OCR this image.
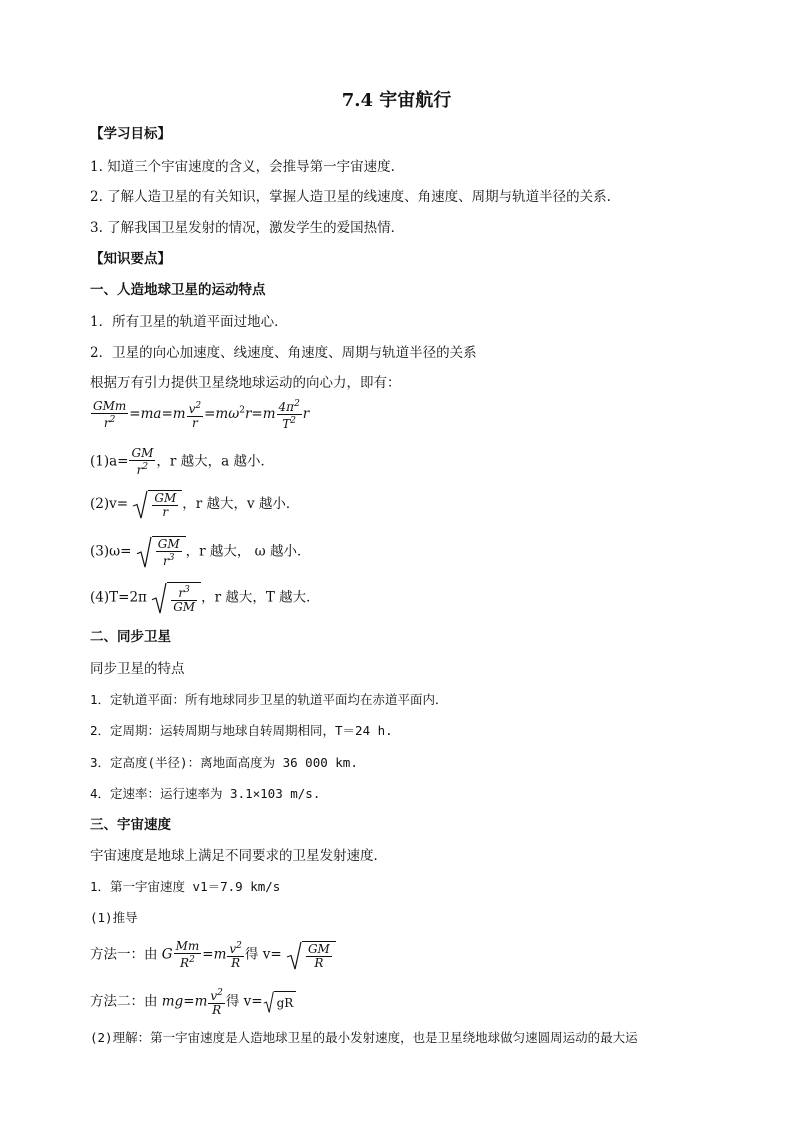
7.4 宇宙航行
【学习目标】
1. 知道三个宇宙速度的含义，会推导第一宇宙速度.
2. 了解人造卫星的有关知识，掌握人造卫星的线速度、角速度、周期与轨道半径的关系.
3. 了解我国卫星发射的情况，激发学生的爱国热情．
【知识要点】
一、人造地球卫星的运动特点
1．所有卫星的轨道平面过地心．
2．卫星的向心加速度、线速度、角速度、周期与轨道半径的关系
根据万有引力提供卫星绕地球运动的向心力，即有：
$\frac{\text{GMm}}{r^2} =ma=m \frac{v^2}{r} =m\omega^2r=m \frac{4\pi^2}{T^2}$ r
$(1)a= \frac{GM}{r^2}$ ，r 越大，a 越小．
$(2)v= \frac{GM}{r}$ ，r 越大，v 越小．
$(3)\omega= \frac{GM}{r^3}$ ，r 越大， ω 越小．
$(4)T=2\pi \frac{r^3}{GM}$ ，r 越大，T 越大．
二、同步卫星
同步卫星的特点
1．定轨道平面：所有地球同步卫星的轨道平面均在赤道平面内．
2．定周期：运转周期与地球自转周期相同，T＝24 h.
3．定高度(半径)：离地面高度为 36 000 km.
4．定速率：运行速率为 3.1×103 m/s.
三、宇宙速度
宇宙速度是地球上满足不同要求的卫星发射速度．
1．第一宇宙速度 v1＝7.9 km/s
(1)推导
方法一：由 G $\frac{Mm}{R^2} =m \frac{v^2}{R}$ 得 $v= \frac{GM}{R}$
方法二：由 $mg=m \frac{v^2}{R}$ 得 v= gR
(2)理解：第一宇宙速度是人造地球卫星的最小发射速度，也是卫星绕地球做匀速圆周运动的最大运
